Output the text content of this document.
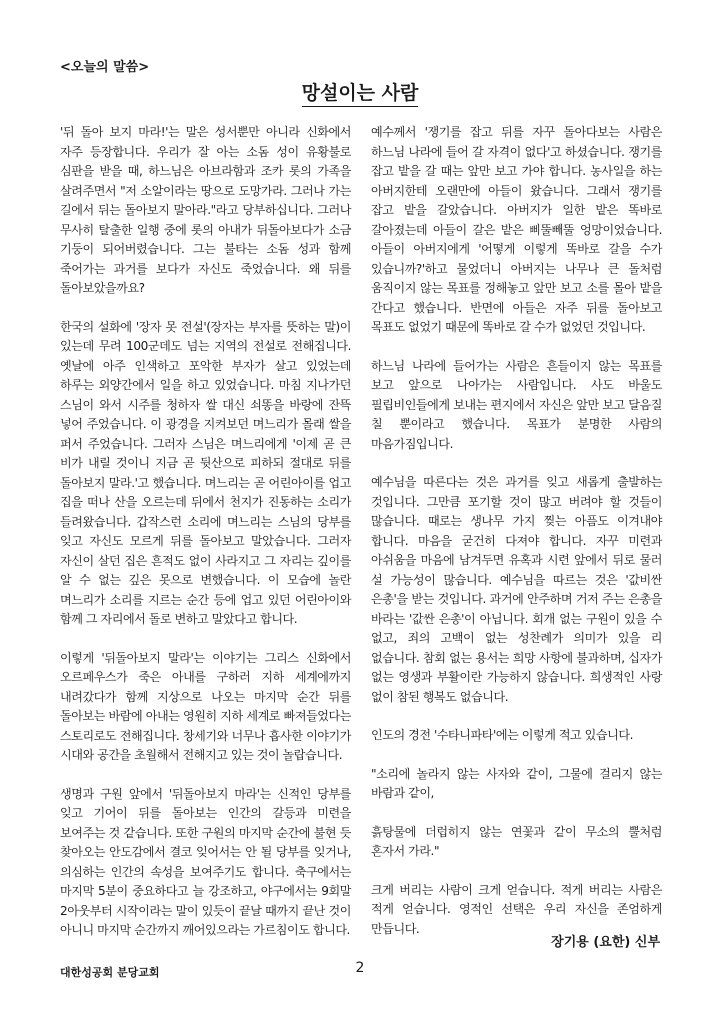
<오늘의 말씀>
망설이는 사람

'뒤 돌아 보지 마라!'는 말은 성서뿐만 아니라 신화에서 자주 등장합니다. 우리가 잘 아는 소돔 성이 유황불로 심판을 받을 때, 하느님은 아브라함과 조카 롯의 가족을 살려주면서 "저 소알이라는 땅으로 도망가라. 그러나 가는 길에서 뒤는 돌아보지 말아라."라고 당부하십니다. 그러나 무사히 탈출한 일행 중에 롯의 아내가 뒤돌아보다가 소금 기둥이 되어버렸습니다. 그는 불타는 소돔 성과 함께 죽어가는 과거를 보다가 자신도 죽었습니다. 왜 뒤를 돌아보았을까요?

한국의 설화에 '장자 못 전설'(장자는 부자를 뜻하는 말)이 있는데 무려 100군데도 넘는 지역의 전설로 전해집니다. 옛날에 아주 인색하고 포악한 부자가 살고 있었는데 하루는 외양간에서 일을 하고 있었습니다. 마침 지나가던 스님이 와서 시주를 청하자 쌀 대신 쇠똥을 바랑에 잔뜩 넣어 주었습니다. 이 광경을 지켜보던 며느리가 몰래 쌀을 퍼서 주었습니다. 그러자 스님은 며느리에게 '이제 곧 큰 비가 내릴 것이니 지금 곧 뒷산으로 피하되 절대로 뒤를 돌아보지 말라.'고 했습니다. 며느리는 곧 어린아이를 업고 집을 떠나 산을 오르는데 뒤에서 천지가 진동하는 소리가 들려왔습니다. 갑작스런 소리에 며느리는 스님의 당부를 잊고 자신도 모르게 뒤를 돌아보고 말았습니다. 그러자 자신이 살던 집은 흔적도 없이 사라지고 그 자리는 깊이를 알 수 없는 깊은 못으로 변했습니다. 이 모습에 놀란 며느리가 소리를 지르는 순간 등에 업고 있던 어린아이와 함께 그 자리에서 돌로 변하고 말았다고 합니다.

이렇게 '뒤돌아보지 말라'는 이야기는 그리스 신화에서 오르페우스가 죽은 아내를 구하러 지하 세계에까지 내려갔다가 함께 지상으로 나오는 마지막 순간 뒤를 돌아보는 바람에 아내는 영원히 지하 세계로 빠져들었다는 스토리로도 전해집니다. 창세기와 너무나 흡사한 이야기가 시대와 공간을 초월해서 전해지고 있는 것이 놀랍습니다.

생명과 구원 앞에서 '뒤돌아보지 마라'는 신적인 당부를 잊고 기어이 뒤를 돌아보는 인간의 갈등과 미련을 보여주는 것 같습니다. 또한 구원의 마지막 순간에 불현 듯 찾아오는 안도감에서 결코 잊어서는 안 될 당부를 잊거나, 의심하는 인간의 속성을 보여주기도 합니다. 축구에서는 마지막 5분이 중요하다고 늘 강조하고, 야구에서는 9회말 2아웃부터 시작이라는 말이 있듯이 끝날 때까지 끝난 것이 아니니 마지막 순간까지 깨어있으라는 가르침이도 합니다.

예수께서 '쟁기를 잡고 뒤를 자꾸 돌아다보는 사람은 하느님 나라에 들어 갈 자격이 없다'고 하셨습니다. 쟁기를 잡고 밭을 갈 때는 앞만 보고 가야 합니다. 농사일을 하는 아버지한테 오랜만에 아들이 왔습니다. 그래서 쟁기를 잡고 밭을 갈았습니다. 아버지가 일한 밭은 똑바로 갈아졌는데 아들이 갈은 밭은 삐뚤빼뚤 엉망이었습니다. 아들이 아버지에게 '어떻게 이렇게 똑바로 갈을 수가 있습니까?'하고 물었더니 아버지는 나무나 큰 돌처럼 움직이지 않는 목표를 정해놓고 앞만 보고 소를 몰아 밭을 간다고 했습니다. 반면에 아들은 자주 뒤를 돌아보고 목표도 없었기 때문에 똑바로 갈 수가 없었던 것입니다.

하느님 나라에 들어가는 사람은 흔들이지 않는 목표를 보고 앞으로 나아가는 사람입니다. 사도 바울도 필립비인들에게 보내는 편지에서 자신은 앞만 보고 달음질 칠 뿐이라고 했습니다. 목표가 분명한 사람의 마음가짐입니다.

예수님을 따른다는 것은 과거를 잊고 새롭게 출발하는 것입니다. 그만큼 포기할 것이 많고 버려야 할 것들이 많습니다. 때로는 생나무 가지 찢는 아픔도 이겨내야 합니다. 마음을 굳건히 다져야 합니다. 자꾸 미련과 아쉬움을 마음에 남겨두면 유혹과 시련 앞에서 뒤로 물러 설 가능성이 많습니다. 예수님을 따르는 것은 '값비싼 은총'을 받는 것입니다. 과거에 안주하며 거저 주는 은총을 바라는 '값싼 은총'이 아닙니다. 회개 없는 구원이 있을 수 없고, 죄의 고백이 없는 성찬례가 의미가 있을 리 없습니다. 참회 없는 용서는 희망 사항에 불과하며, 십자가 없는 영생과 부활이란 가능하지 않습니다. 희생적인 사랑 없이 참된 행복도 없습니다.

인도의 경전 '수타니파타'에는 이렇게 적고 있습니다.

"소리에 놀라지 않는 사자와 같이, 그물에 걸리지 않는 바람과 같이,

흙탕물에 더럽히지 않는 연꽃과 같이 무소의 뿔처럼 혼자서 가라."

크게 버리는 사람이 크게 얻습니다. 적게 버리는 사람은 적게 얻습니다. 영적인 선택은 우리 자신을 존엄하게 만듭니다.

장기용 (요한) 신부
대한성공회 분당교회	2
